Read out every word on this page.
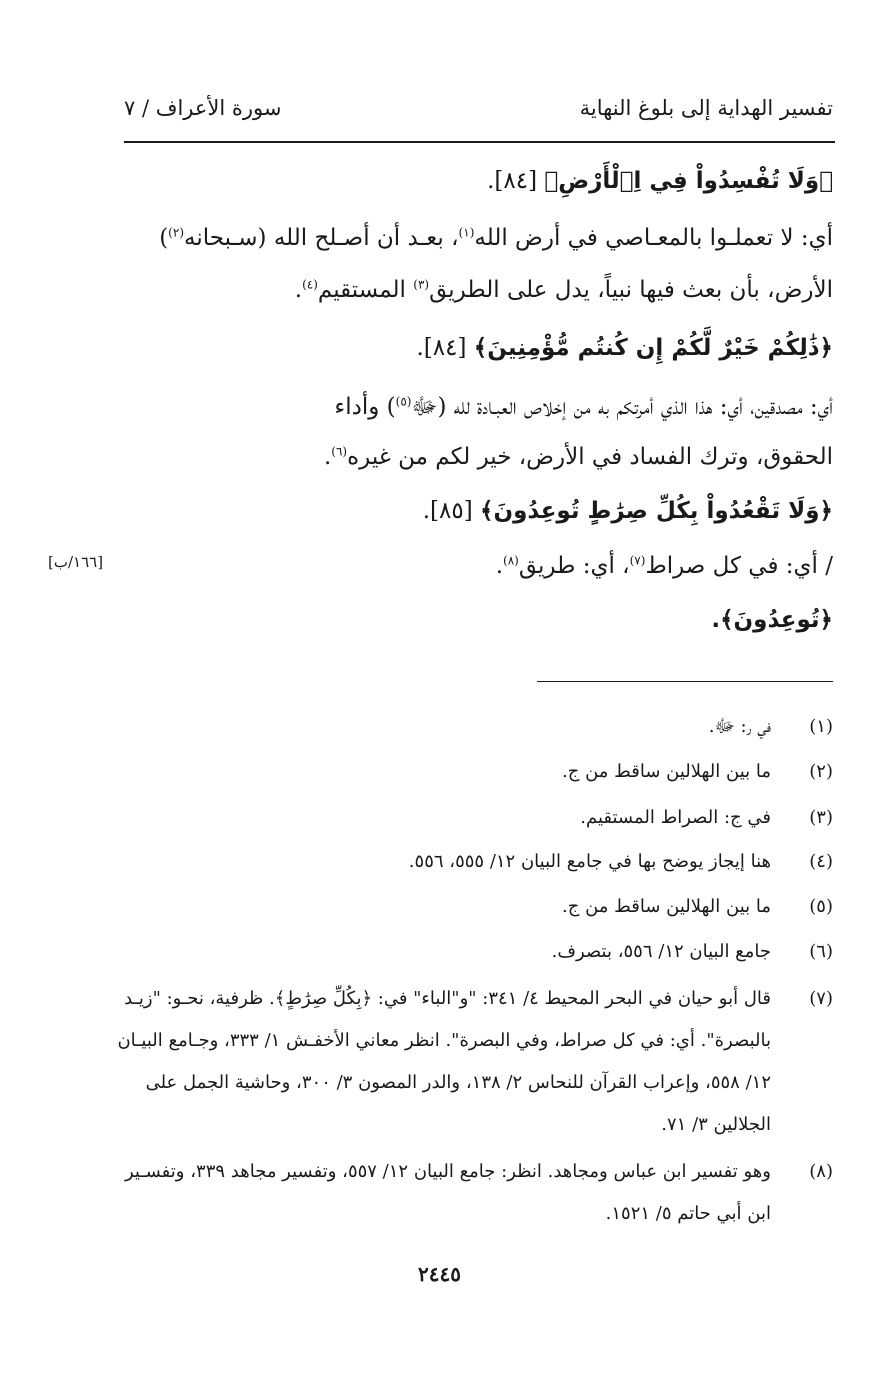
تفسير الهداية إلى بلوغ النهاية
سورة الأعراف / ٧
﴿وَلَا تُفْسِدُواْ فِي اِ۬لْأَرْضِ﴾ [٨٤].
أي: لا تعملـوا بالمعـاصي في أرض الله$^{(١)}$، بعـد أن أصـلح الله (سـبحانه$^{(٢)}$)
الأرض، بأن بعث فيها نبياً، يدل على الطريق$^{(٣)}$ المستقيم$^{(٤)}$.
﴿ذَٰلِكُمْ خَيْرٌ لَّكُمْ إِن كُنتُم مُّؤْمِنِينَ﴾ [٨٤].
أي: مصدقين، أي: هذا الذي أمرتكم به من إخلاص العبـادة لله (ﷻ$^{(٥)}$) وأداء
الحقوق، وترك الفساد في الأرض، خير لكم من غيره$^{(٦)}$.
﴿وَلَا تَقْعُدُواْ بِكُلِّ صِرَٰطٍ تُوعِدُونَ﴾ [٨٥].
/ أي: في كل صراط$^{(٧)}$، أي: طريق$^{(٨)}$.
﴿تُوعِدُونَ﴾.
[١٦٦/ب]
(١)
في ر: ﷻ.
(٢)
ما بين الهلالين ساقط من ج.
(٣)
في ج: الصراط المستقيم.
(٤)
هنا إيجاز يوضح بها في جامع البيان ١٢/ ٥٥٥، ٥٥٦.
(٥)
ما بين الهلالين ساقط من ج.
(٦)
جامع البيان ١٢/ ٥٥٦، بتصرف.
(٧)
قال أبو حيان في البحر المحيط ٤/ ٣٤١: "و"الباء" في: ﴿بِكُلِّ صِرَٰطٍ﴾. ظرفية، نحـو: "زيـد
بالبصرة". أي: في كل صراط، وفي البصرة". انظر معاني الأخفـش ١/ ٣٣٣، وجـامع البيـان
١٢/ ٥٥٨، وإعراب القرآن للنحاس ٢/ ١٣٨، والدر المصون ٣/ ٣٠٠، وحاشية الجمل على
الجلالين ٣/ ٧١.
(٨)
وهو تفسير ابن عباس ومجاهد. انظر: جامع البيان ١٢/ ٥٥٧، وتفسير مجاهد ٣٣٩، وتفسـير
ابن أبي حاتم ٥/ ١٥٢١.
٢٤٤٥
